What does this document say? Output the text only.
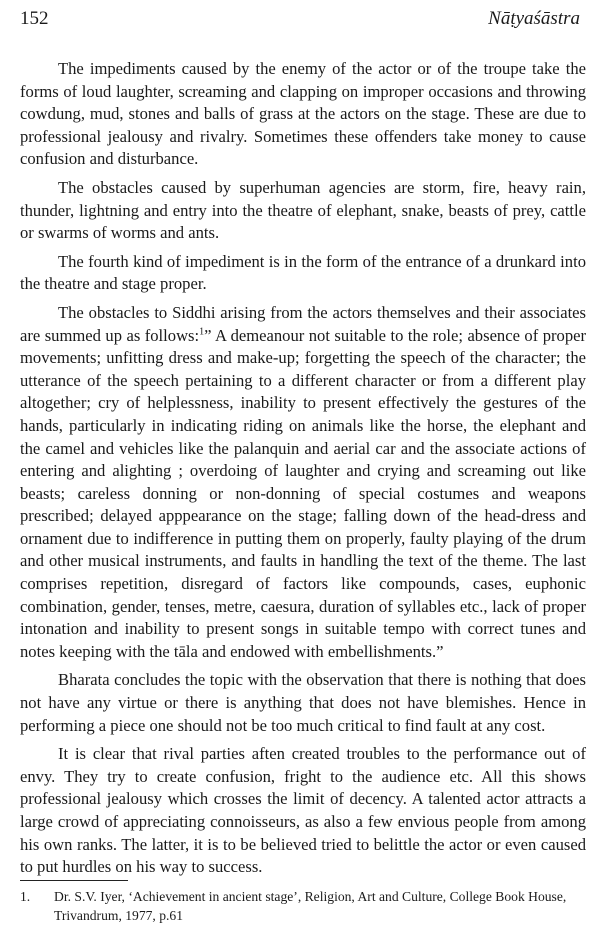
152	Nāṭyaśāstra

The impediments caused by the enemy of the actor or of the troupe take the forms of loud laughter, screaming and clapping on improper occasions and throwing cowdung, mud, stones and balls of grass at the actors on the stage. These are due to professional jealousy and rivalry. Sometimes these offenders take money to cause confusion and disturbance.

The obstacles caused by superhuman agencies are storm, fire, heavy rain, thunder, lightning and entry into the theatre of elephant, snake, beasts of prey, cattle or swarms of worms and ants.

The fourth kind of impediment is in the form of the entrance of a drunkard into the theatre and stage proper.

The obstacles to Siddhi arising from the actors themselves and their associates are summed up as follows:$^1$” A demeanour not suitable to the role; absence of proper movements; unfitting dress and make-up; forgetting the speech of the character; the utterance of the speech pertaining to a different character or from a different play altogether; cry of helplessness, inability to present effectively the gestures of the hands, particularly in indicating riding on animals like the horse, the elephant and the camel and vehicles like the palanquin and aerial car and the associate actions of entering and alighting ; overdoing of laughter and crying and screaming out like beasts; careless donning or non-donning of special costumes and weapons prescribed; delayed apppearance on the stage; falling down of the head-dress and ornament due to indifference in putting them on properly, faulty playing of the drum and other musical instruments, and faults in handling the text of the theme. The last comprises repetition, disregard of factors like compounds, cases, euphonic combination, gender, tenses, metre, caesura, duration of syllables etc., lack of proper intonation and inability to present songs in suitable tempo with correct tunes and notes keeping with the tāla and endowed with embellishments.”

Bharata concludes the topic with the observation that there is nothing that does not have any virtue or there is anything that does not have blemishes. Hence in performing a piece one should not be too much critical to find fault at any cost.

It is clear that rival parties aften created troubles to the performance out of envy. They try to create confusion, fright to the audience etc. All this shows professional jealousy which crosses the limit of decency. A talented actor attracts a large crowd of appreciating connoisseurs, as also a few envious people from among his own ranks. The latter, it is to be believed tried to belittle the actor or even caused to put hurdles on his way to success.

1. Dr. S.V. Iyer, ‘Achievement in ancient stage’, Religion, Art and Culture, College Book House, Trivandrum, 1977, p.61
